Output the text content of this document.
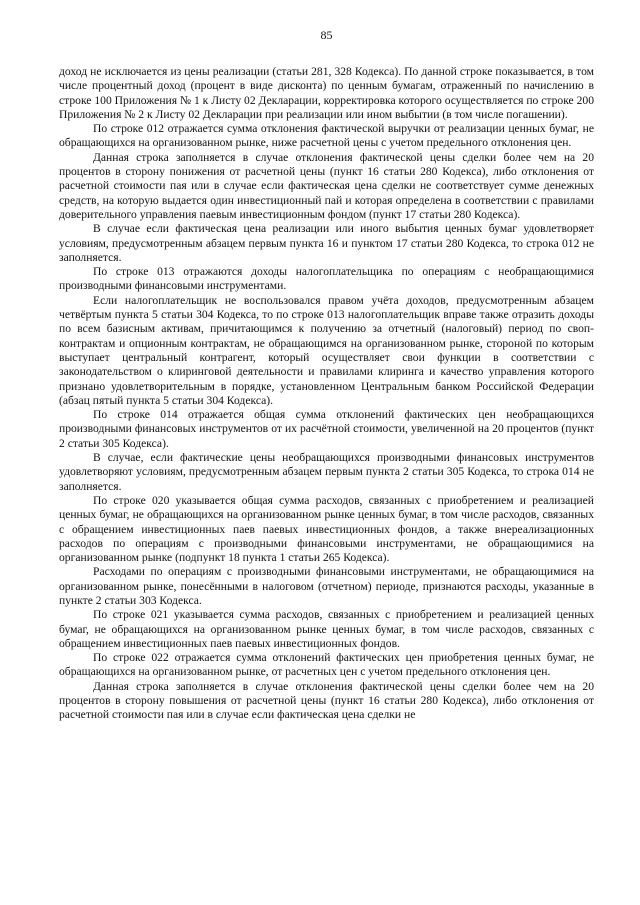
85

доход не исключается из цены реализации (статьи 281, 328 Кодекса). По данной строке показывается, в том числе процентный доход (процент в виде дисконта) по ценным бумагам, отраженный по начислению в строке 100 Приложения № 1 к Листу 02 Декларации, корректировка которого осуществляется по строке 200 Приложения № 2 к Листу 02 Декларации при реализации или ином выбытии (в том числе погашении).

По строке 012 отражается сумма отклонения фактической выручки от реализации ценных бумаг, не обращающихся на организованном рынке, ниже расчетной цены с учетом предельного отклонения цен.

Данная строка заполняется в случае отклонения фактической цены сделки более чем на 20 процентов в сторону понижения от расчетной цены (пункт 16 статьи 280 Кодекса), либо отклонения от расчетной стоимости пая или в случае если фактическая цена сделки не соответствует сумме денежных средств, на которую выдается один инвестиционный пай и которая определена в соответствии с правилами доверительного управления паевым инвестиционным фондом (пункт 17 статьи 280 Кодекса).

В случае если фактическая цена реализации или иного выбытия ценных бумаг удовлетворяет условиям, предусмотренным абзацем первым пункта 16 и пунктом 17 статьи 280 Кодекса, то строка 012 не заполняется.

По строке 013 отражаются доходы налогоплательщика по операциям с необращающимися производными финансовыми инструментами.

Если налогоплательщик не воспользовался правом учёта доходов, предусмотренным абзацем четвёртым пункта 5 статьи 304 Кодекса, то по строке 013 налогоплательщик вправе также отразить доходы по всем базисным активам, причитающимся к получению за отчетный (налоговый) период по своп-контрактам и опционным контрактам, не обращающимся на организованном рынке, стороной по которым выступает центральный контрагент, который осуществляет свои функции в соответствии с законодательством о клиринговой деятельности и правилами клиринга и качество управления которого признано удовлетворительным в порядке, установленном Центральным банком Российской Федерации (абзац пятый пункта 5 статьи 304 Кодекса).

По строке 014 отражается общая сумма отклонений фактических цен необращающихся производными финансовых инструментов от их расчётной стоимости, увеличенной на 20 процентов (пункт 2 статьи 305 Кодекса).

В случае, если фактические цены необращающихся производными финансовых инструментов удовлетворяют условиям, предусмотренным абзацем первым пункта 2 статьи 305 Кодекса, то строка 014 не заполняется.

По строке 020 указывается общая сумма расходов, связанных с приобретением и реализацией ценных бумаг, не обращающихся на организованном рынке ценных бумаг, в том числе расходов, связанных с обращением инвестиционных паев паевых инвестиционных фондов, а также внереализационных расходов по операциям с производными финансовыми инструментами, не обращающимися на организованном рынке (подпункт 18 пункта 1 статьи 265 Кодекса).

Расходами по операциям с производными финансовыми инструментами, не обращающимися на организованном рынке, понесёнными в налоговом (отчетном) периоде, признаются расходы, указанные в пункте 2 статьи 303 Кодекса.

По строке 021 указывается сумма расходов, связанных с приобретением и реализацией ценных бумаг, не обращающихся на организованном рынке ценных бумаг, в том числе расходов, связанных с обращением инвестиционных паев паевых инвестиционных фондов.

По строке 022 отражается сумма отклонений фактических цен приобретения ценных бумаг, не обращающихся на организованном рынке, от расчетных цен с учетом предельного отклонения цен.

Данная строка заполняется в случае отклонения фактической цены сделки более чем на 20 процентов в сторону повышения от расчетной цены (пункт 16 статьи 280 Кодекса), либо отклонения от расчетной стоимости пая или в случае если фактическая цена сделки не
